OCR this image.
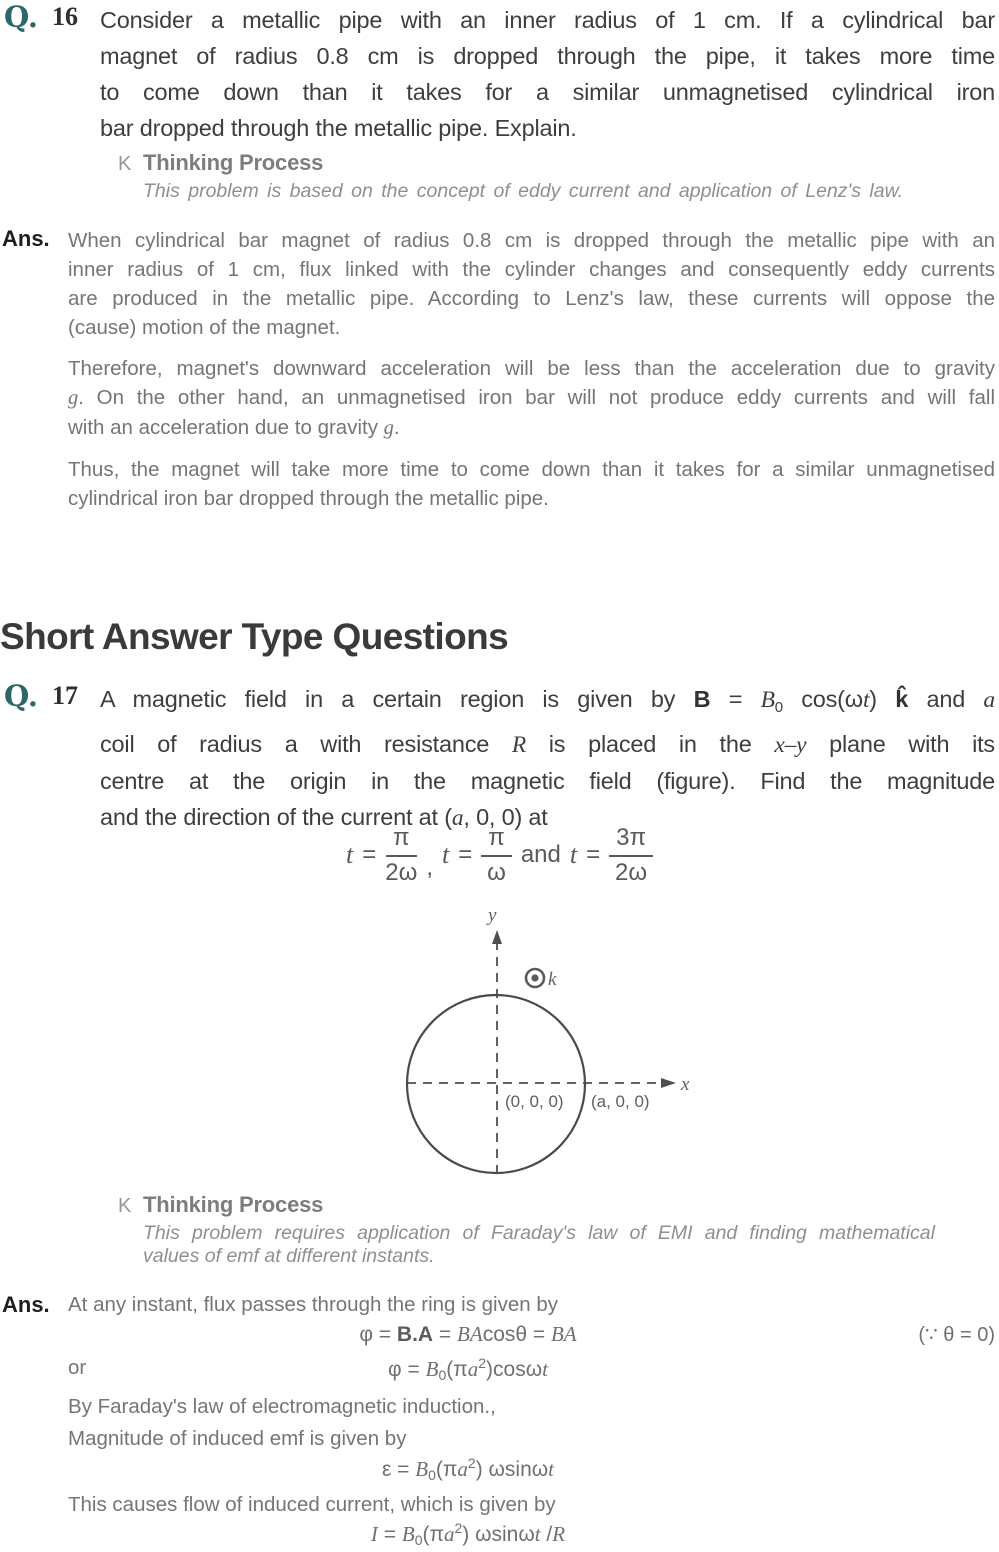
Q. 16 Consider a metallic pipe with an inner radius of 1 cm. If a cylindrical bar
magnet of radius 0.8 cm is dropped through the pipe, it takes more time
to come down than it takes for a similar unmagnetised cylindrical iron
bar dropped through the metallic pipe. Explain.
K Thinking Process
This problem is based on the concept of eddy current and application of Lenz's law.
Ans. When cylindrical bar magnet of radius 0.8 cm is dropped through the metallic pipe with an
inner radius of 1 cm, flux linked with the cylinder changes and consequently eddy currents
are produced in the metallic pipe. According to Lenz's law, these currents will oppose the
(cause) motion of the magnet.
Therefore, magnet's downward acceleration will be less than the acceleration due to gravity
g. On the other hand, an unmagnetised iron bar will not produce eddy currents and will fall
with an acceleration due to gravity g.
Thus, the magnet will take more time to come down than it takes for a similar unmagnetised
cylindrical iron bar dropped through the metallic pipe.
Short Answer Type Questions
Q. 17 A magnetic field in a certain region is given by $B = B_0$ cos(ωt) k̂ and a
coil of radius a with resistance R is placed in the x–y plane with its
centre at the origin in the magnetic field (figure). Find the magnitude
and the direction of the current at (a, 0, 0) at
$t = \frac{\pi}{2\omega}$ , $t = \frac{\pi}{\omega}$ and $t = \frac{3\pi}{2\omega}$
y
x
k
(0, 0, 0) (a, 0, 0)
K Thinking Process
This problem requires application of Faraday's law of EMI and finding mathematical
values of emf at different instants.
Ans. At any instant, flux passes through the ring is given by
φ = B.A = BAcosθ = BA	(∵ θ = 0)
or	$\varphi = B0(\pi a^2)\cos\omega t$
By Faraday's law of electromagnetic induction.,
Magnitude of induced emf is given by
$\varepsilon = B0(\pi a^2)$ ωsinωt
This causes flow of induced current, which is given by
$I = B0(\pi a^2)$ ωsinωt /R
